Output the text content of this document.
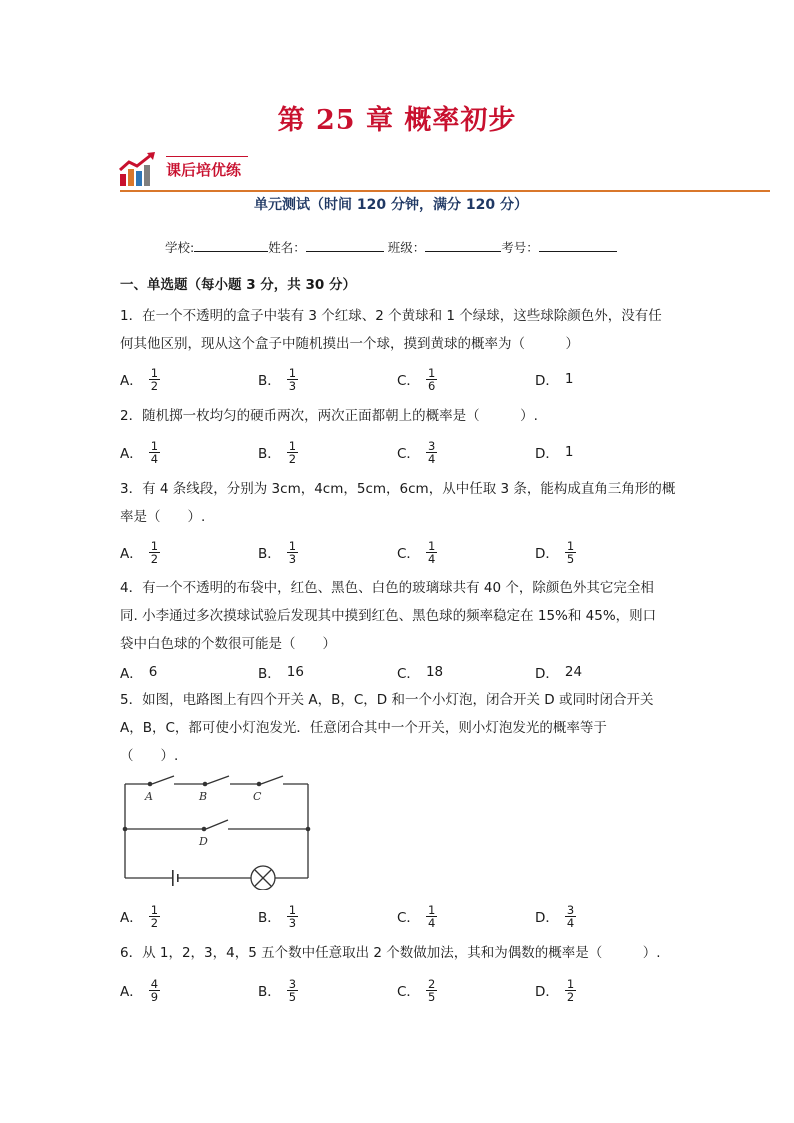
第 25 章 概率初步
课后培优练
单元测试（时间 120 分钟，满分 120 分）
学校:	姓名：	班级：	考号：
一、单选题（每小题 3 分，共 30 分）
1．在一个不透明的盒子中装有 3 个红球、2 个黄球和 1 个绿球，这些球除颜色外，没有任
何其他区别，现从这个盒子中随机摸出一个球，摸到黄球的概率为（　　　）
A． $\frac{1}{2}$	B． $\frac{1}{3}$	C． $\frac{1}{6}$	D． 1
2．随机掷一枚均匀的硬币两次，两次正面都朝上的概率是（　　　）.
A． $\frac{1}{4}$	B． $\frac{1}{2}$	C． $\frac{3}{4}$	D． 1
3．有 4 条线段，分别为 3cm，4cm，5cm，6cm，从中任取 3 条，能构成直角三角形的概
率是（　　）.
A． $\frac{1}{2}$	B． $\frac{1}{3}$	C． $\frac{1}{4}$	D． $\frac{1}{5}$
4．有一个不透明的布袋中，红色、黑色、白色的玻璃球共有 40 个，除颜色外其它完全相
同. 小李通过多次摸球试验后发现其中摸到红色、黑色球的频率稳定在 15%和 45%，则口
袋中白色球的个数很可能是（　　）
A． 6	B． 16	C． 18	D． 24
5．如图，电路图上有四个开关 A，B，C，D 和一个小灯泡，闭合开关 D 或同时闭合开关
A，B，C，都可使小灯泡发光．任意闭合其中一个开关，则小灯泡发光的概率等于
（　　）.
A	B	C
D
A． $\frac{1}{2}$	B． $\frac{1}{3}$	C． $\frac{1}{4}$	D． $\frac{3}{4}$
6．从 1，2，3，4，5 五个数中任意取出 2 个数做加法，其和为偶数的概率是（　　　）.
A． $\frac{4}{9}$	B． $\frac{3}{5}$	C． $\frac{2}{5}$	D． $\frac{1}{2}$
